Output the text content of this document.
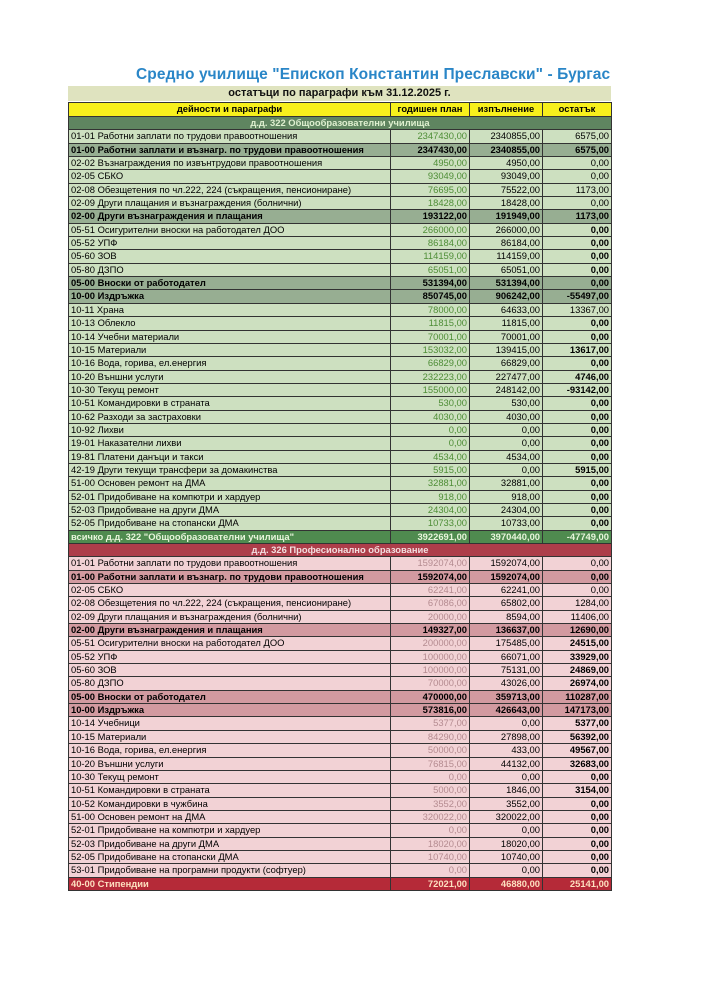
Средно училище "Епископ Константин Преславски" - Бургас
остатъци по параграфи към 31.12.2025 г.
дейности и параграфи	годишен план	изпълнение	остатък
д.д. 322 Общообразователни училища			
01-01 Работни заплати по трудови правоотношения	2347430,00	2340855,00	6575,00
01-00 Работни заплати и възнагр. по трудови правоотношения	2347430,00	2340855,00	6575,00
02-02 Възнаграждения по извънтрудови правоотношения	4950,00	4950,00	0,00
02-05 СБКО	93049,00	93049,00	0,00
02-08 Обезщетения по чл.222, 224 (съкращения, пенсиониране)	76695,00	75522,00	1173,00
02-09 Други плащания и възнаграждения (болнични)	18428,00	18428,00	0,00
02-00 Други възнаграждения и плащания	193122,00	191949,00	1173,00
05-51 Осигурителни вноски на работодател ДОО	266000,00	266000,00	0,00
05-52 УПФ	86184,00	86184,00	0,00
05-60 ЗОВ	114159,00	114159,00	0,00
05-80 ДЗПО	65051,00	65051,00	0,00
05-00 Вноски от работодател	531394,00	531394,00	0,00
10-00 Издръжка	850745,00	906242,00	-55497,00
10-11 Храна	78000,00	64633,00	13367,00
10-13 Облекло	11815,00	11815,00	0,00
10-14 Учебни материали	70001,00	70001,00	0,00
10-15 Материали	153032,00	139415,00	13617,00
10-16 Вода, горива, ел.енергия	66829,00	66829,00	0,00
10-20 Външни услуги	232223,00	227477,00	4746,00
10-30 Текущ ремонт	155000,00	248142,00	-93142,00
10-51 Командировки в страната	530,00	530,00	0,00
10-62 Разходи за застраховки	4030,00	4030,00	0,00
10-92 Лихви	0,00	0,00	0,00
19-01 Наказателни лихви	0,00	0,00	0,00
19-81 Платени данъци и такси	4534,00	4534,00	0,00
42-19 Други текущи трансфери за домакинства	5915,00	0,00	5915,00
51-00 Основен ремонт на ДМА	32881,00	32881,00	0,00
52-01 Придобиване на компютри и хардуер	918,00	918,00	0,00
52-03 Придобиване на други ДМА	24304,00	24304,00	0,00
52-05 Придобиване на стопански ДМА	10733,00	10733,00	0,00
всичко д.д. 322 "Общообразователни училища"	3922691,00	3970440,00	-47749,00
д.д. 326 Професионално образование			
01-01 Работни заплати по трудови правоотношения	1592074,00	1592074,00	0,00
01-00 Работни заплати и възнагр. по трудови правоотношения	1592074,00	1592074,00	0,00
02-05 СБКО	62241,00	62241,00	0,00
02-08 Обезщетения по чл.222, 224 (съкращения, пенсиониране)	67086,00	65802,00	1284,00
02-09 Други плащания и възнаграждения (болнични)	20000,00	8594,00	11406,00
02-00 Други възнаграждения и плащания	149327,00	136637,00	12690,00
05-51 Осигурителни вноски на работодател ДОО	200000,00	175485,00	24515,00
05-52 УПФ	100000,00	66071,00	33929,00
05-60 ЗОВ	100000,00	75131,00	24869,00
05-80 ДЗПО	70000,00	43026,00	26974,00
05-00 Вноски от работодател	470000,00	359713,00	110287,00
10-00 Издръжка	573816,00	426643,00	147173,00
10-14 Учебници	5377,00	0,00	5377,00
10-15 Материали	84290,00	27898,00	56392,00
10-16 Вода, горива, ел.енергия	50000,00	433,00	49567,00
10-20 Външни услуги	76815,00	44132,00	32683,00
10-30 Текущ ремонт	0,00	0,00	0,00
10-51 Командировки в страната	5000,00	1846,00	3154,00
10-52 Командировки в чужбина	3552,00	3552,00	0,00
51-00 Основен ремонт на ДМА	320022,00	320022,00	0,00
52-01 Придобиване на компютри и хардуер	0,00	0,00	0,00
52-03 Придобиване на други ДМА	18020,00	18020,00	0,00
52-05 Придобиване на стопански ДМА	10740,00	10740,00	0,00
53-01 Придобиване на програмни продукти (софтуер)	0,00	0,00	0,00
40-00 Стипендии	72021,00	46880,00	25141,00
